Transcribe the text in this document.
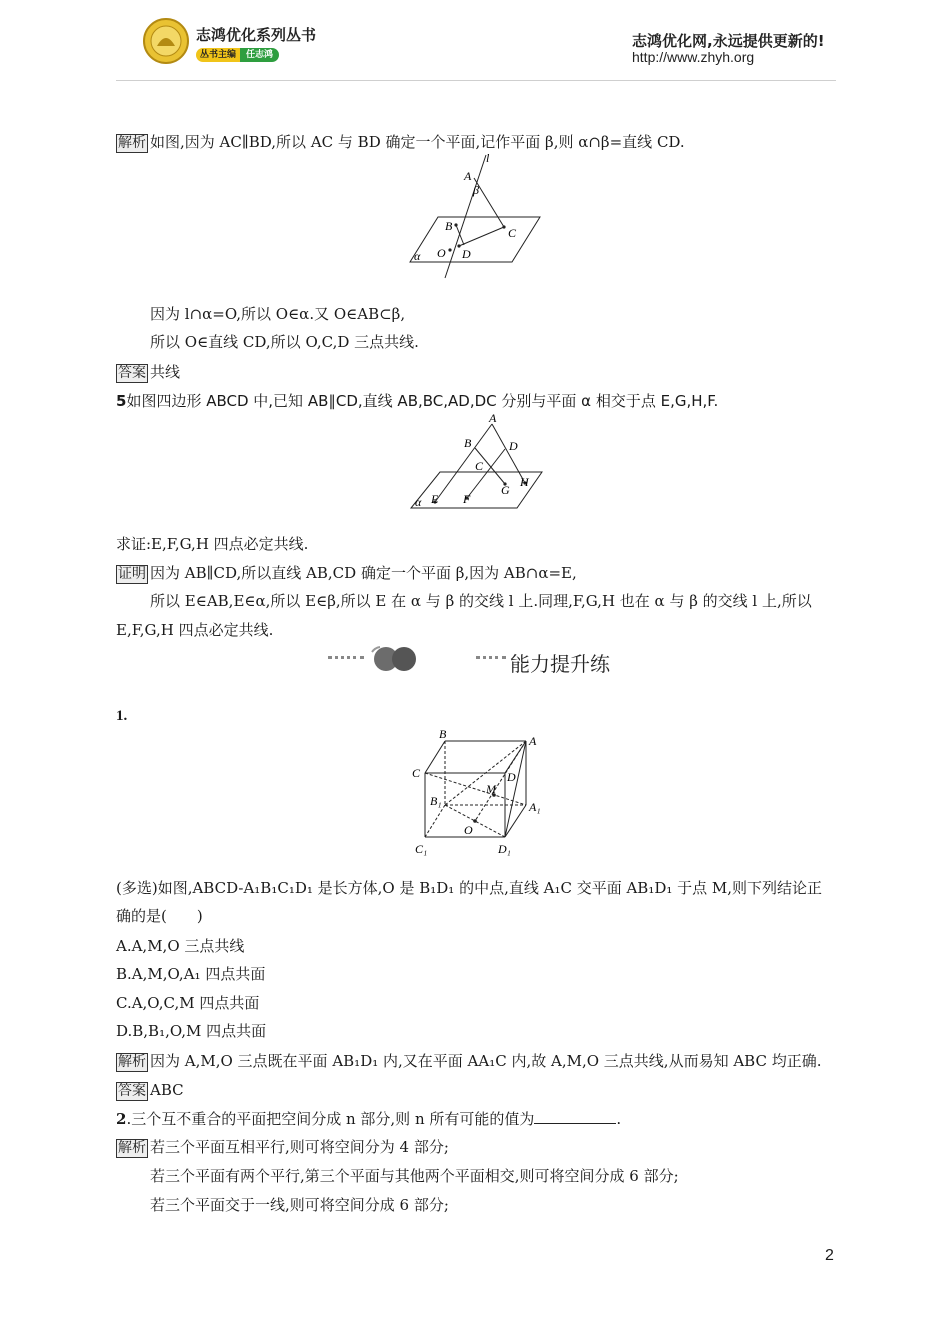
志鸿优化系列丛书
丛书主编	任志鸿
志鸿优化网,永远提供更新的!
http://www.zhyh.org
解析 如图,因为 AC∥BD,所以 AC 与 BD 确定一个平面,记作平面 β,则 α∩β=直线 CD.
l
A
β
B	C
O D
α
因为 l∩α=O,所以 O∈α.又 O∈AB⊂β,
所以 O∈直线 CD,所以 O,C,D 三点共线.
答案 共线
5如图四边形 ABCD 中,已知 AB∥CD,直线 AB,BC,AD,DC 分别与平面 α 相交于点 E,G,H,F.
A
B	D
C
G
H
α E F
求证:E,F,G,H 四点必定共线.
证明 因为 AB∥CD,所以直线 AB,CD 确定一个平面 β,因为 AB∩α=E,
所以 E∈AB,E∈α,所以 E∈β,所以 E 在 α 与 β 的交线 l 上.同理,F,G,H 也在 α 与 β 的交线 l 上,所以
E,F,G,H 四点必定共线.
能力提升练
1.
B	A
C	D
M
B₁	A₁
O
C₁	D₁
(多选)如图,ABCD-A₁B₁C₁D₁ 是长方体,O 是 B₁D₁ 的中点,直线 A₁C 交平面 AB₁D₁ 于点 M,则下列结论正
确的是(　　)
A.A,M,O 三点共线
B.A,M,O,A₁ 四点共面
C.A,O,C,M 四点共面
D.B,B₁,O,M 四点共面
解析 因为 A,M,O 三点既在平面 AB₁D₁ 内,又在平面 AA₁C 内,故 A,M,O 三点共线,从而易知 ABC 均正确.
答案 ABC
2.三个互不重合的平面把空间分成 n 部分,则 n 所有可能的值为	.
解析 若三个平面互相平行,则可将空间分为 4 部分;
若三个平面有两个平行,第三个平面与其他两个平面相交,则可将空间分成 6 部分;
若三个平面交于一线,则可将空间分成 6 部分;
2
